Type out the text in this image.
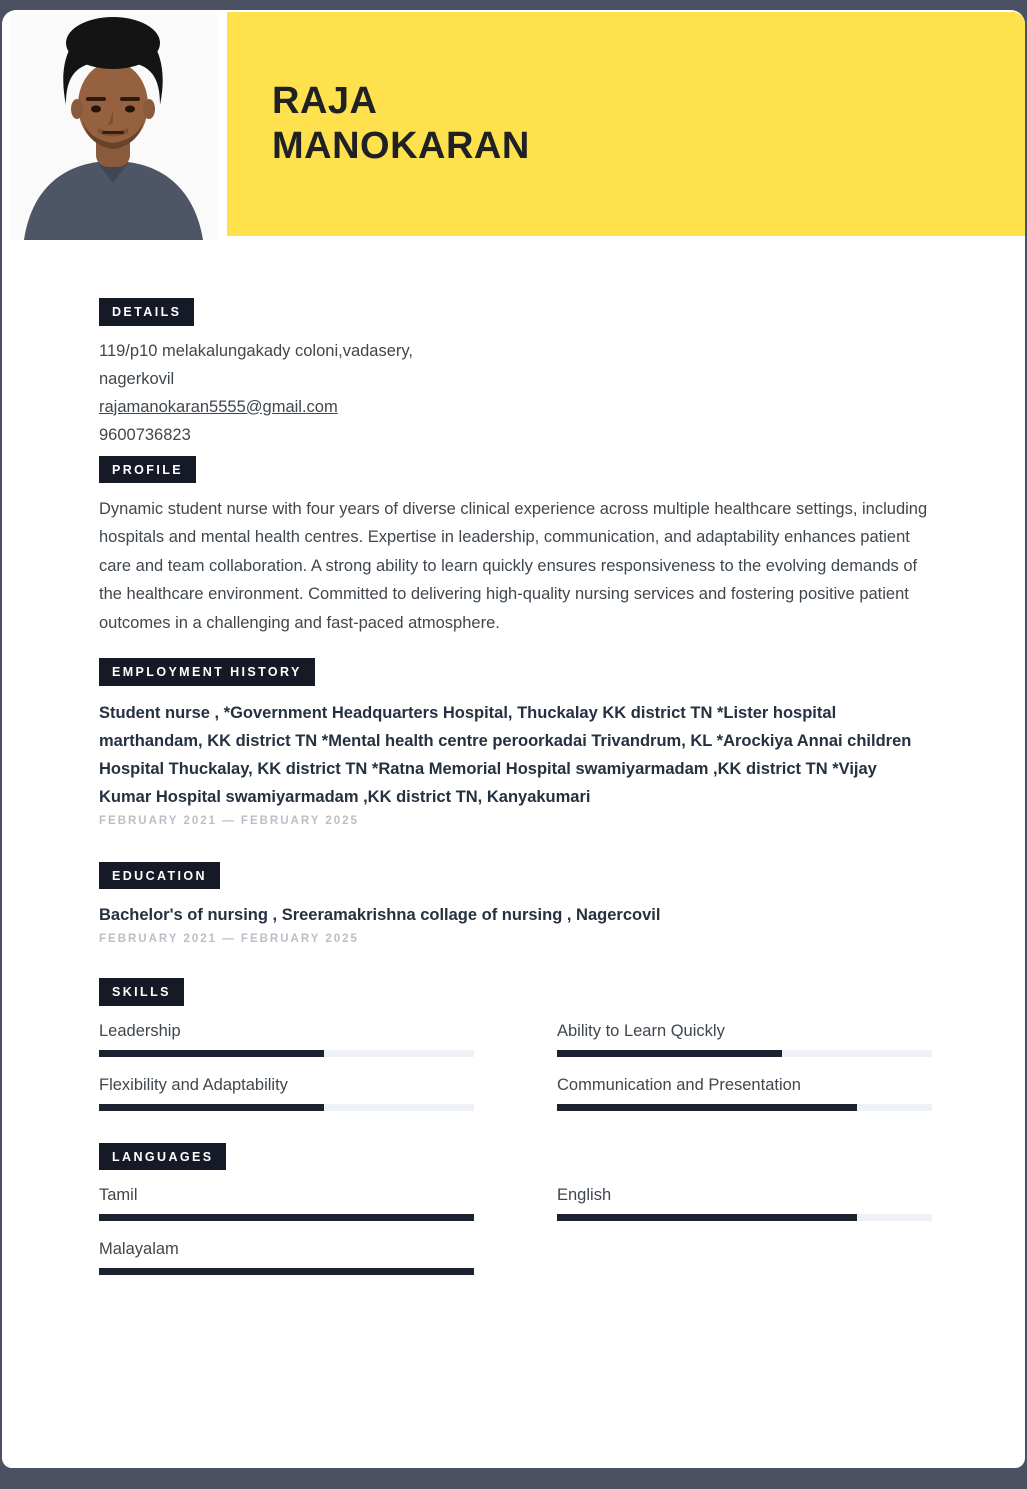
RAJA
MANOKARAN
DETAILS
119/p10 melakalungakady coloni,vadasery,
nagerkovil
rajamanokaran5555@gmail.com
9600736823
PROFILE

Dynamic student nurse with four years of diverse clinical experience across multiple healthcare settings, including hospitals and mental health centres. Expertise in leadership, communication, and adaptability enhances patient care and team collaboration. A strong ability to learn quickly ensures responsiveness to the evolving demands of the healthcare environment. Committed to delivering high-quality nursing services and fostering positive patient outcomes in a challenging and fast-paced atmosphere.

EMPLOYMENT HISTORY

Student nurse , *Government Headquarters Hospital, Thuckalay KK district TN *Lister hospital marthandam, KK district TN *Mental health centre peroorkadai Trivandrum, KL *Arockiya Annai children Hospital Thuckalay, KK district TN *Ratna Memorial Hospital swamiyarmadam ,KK district TN *Vijay Kumar Hospital swamiyarmadam ,KK district TN, Kanyakumari

FEBRUARY 2021 — FEBRUARY 2025
EDUCATION

Bachelor's of nursing , Sreeramakrishna collage of nursing , Nagercovil

FEBRUARY 2021 — FEBRUARY 2025
SKILLS
Leadership	Ability to Learn Quickly
Flexibility and Adaptability	Communication and Presentation
LANGUAGES
Tamil	English
Malayalam
